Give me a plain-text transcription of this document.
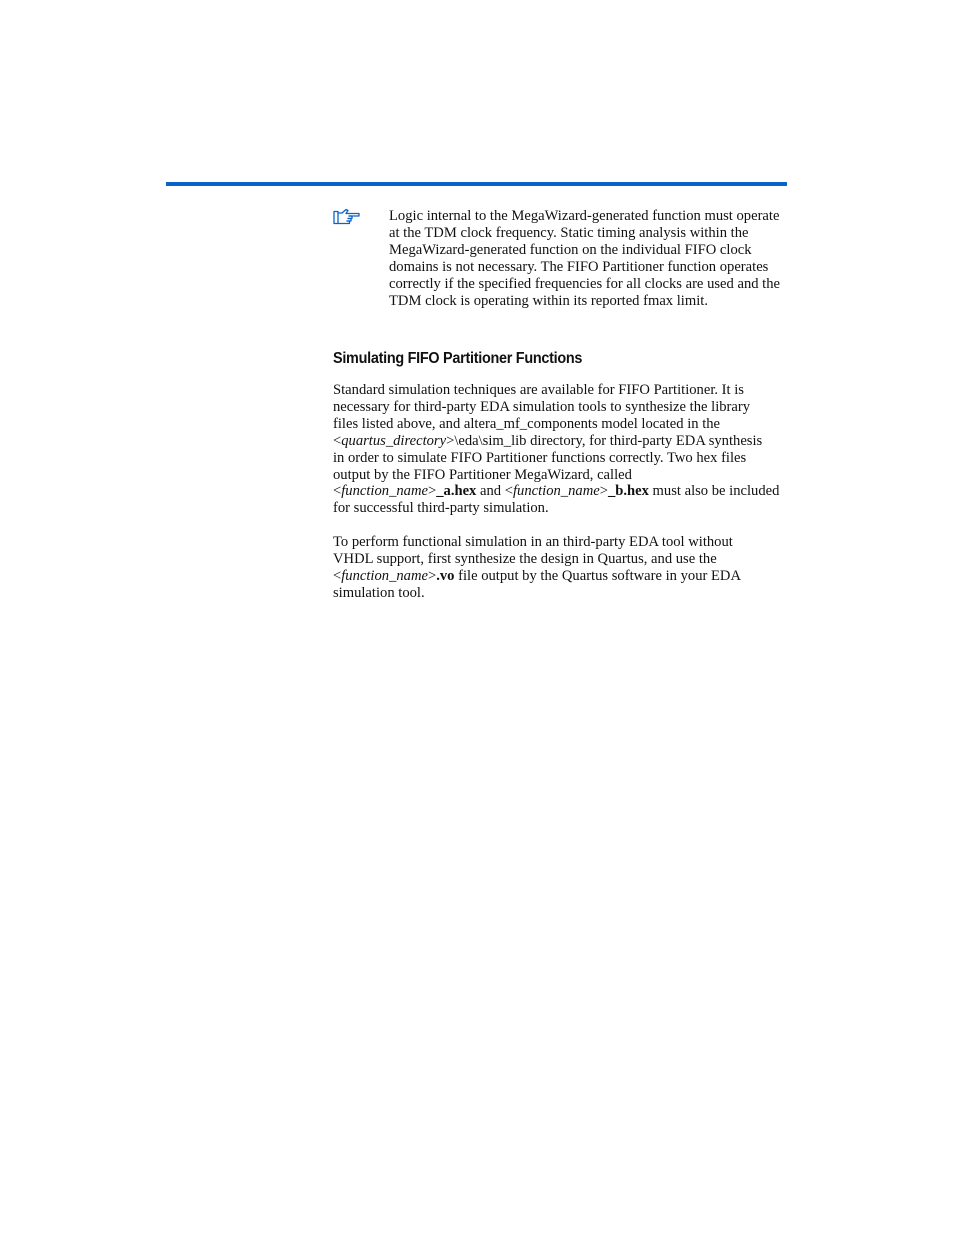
Logic internal to the MegaWizard-generated function must operate at the TDM clock frequency. Static timing analysis within the MegaWizard-generated function on the individual FIFO clock domains is not necessary. The FIFO Partitioner function operates correctly if the specified frequencies for all clocks are used and the TDM clock is operating within its reported fmax limit.
Simulating FIFO Partitioner Functions
Standard simulation techniques are available for FIFO Partitioner. It is
necessary for third-party EDA simulation tools to synthesize the library
files listed above, and altera_mf_components model located in the
<quartus_directory>\eda\sim_lib directory, for third-party EDA synthesis
in order to simulate FIFO Partitioner functions correctly. Two hex files
output by the FIFO Partitioner MegaWizard, called
<function_name>_a.hex and <function_name>_b.hex must also be included
for successful third-party simulation.
To perform functional simulation in an third-party EDA tool without
VHDL support, first synthesize the design in Quartus, and use the
<function_name>.vo file output by the Quartus software in your EDA
simulation tool.
